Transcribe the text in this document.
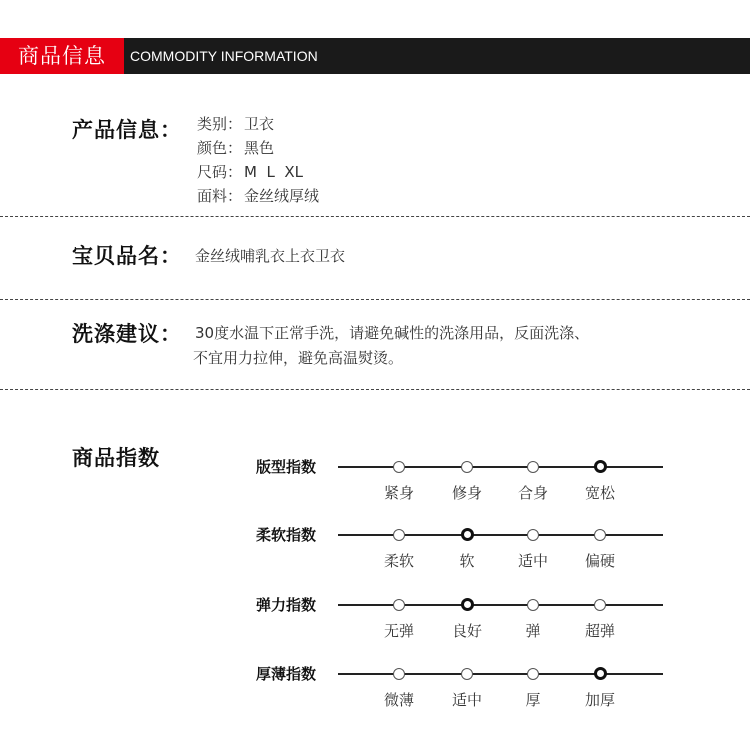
商品信息	COMMODITY INFORMATION
产品信息： 类别： 卫衣
颜色： 黑色
尺码： M  L  XL
面料： 金丝绒厚绒
宝贝品名： 金丝绒哺乳衣上衣卫衣
洗涤建议： 30度水温下正常手洗，请避免碱性的洗涤用品，反面洗涤、
不宜用力拉伸，避免高温熨烫。
商品指数	版型指数
紧身	修身	合身	宽松
柔软指数
柔软	软	适中	偏硬
弹力指数
无弹	良好	弹	超弹
厚薄指数
微薄	适中	厚	加厚
